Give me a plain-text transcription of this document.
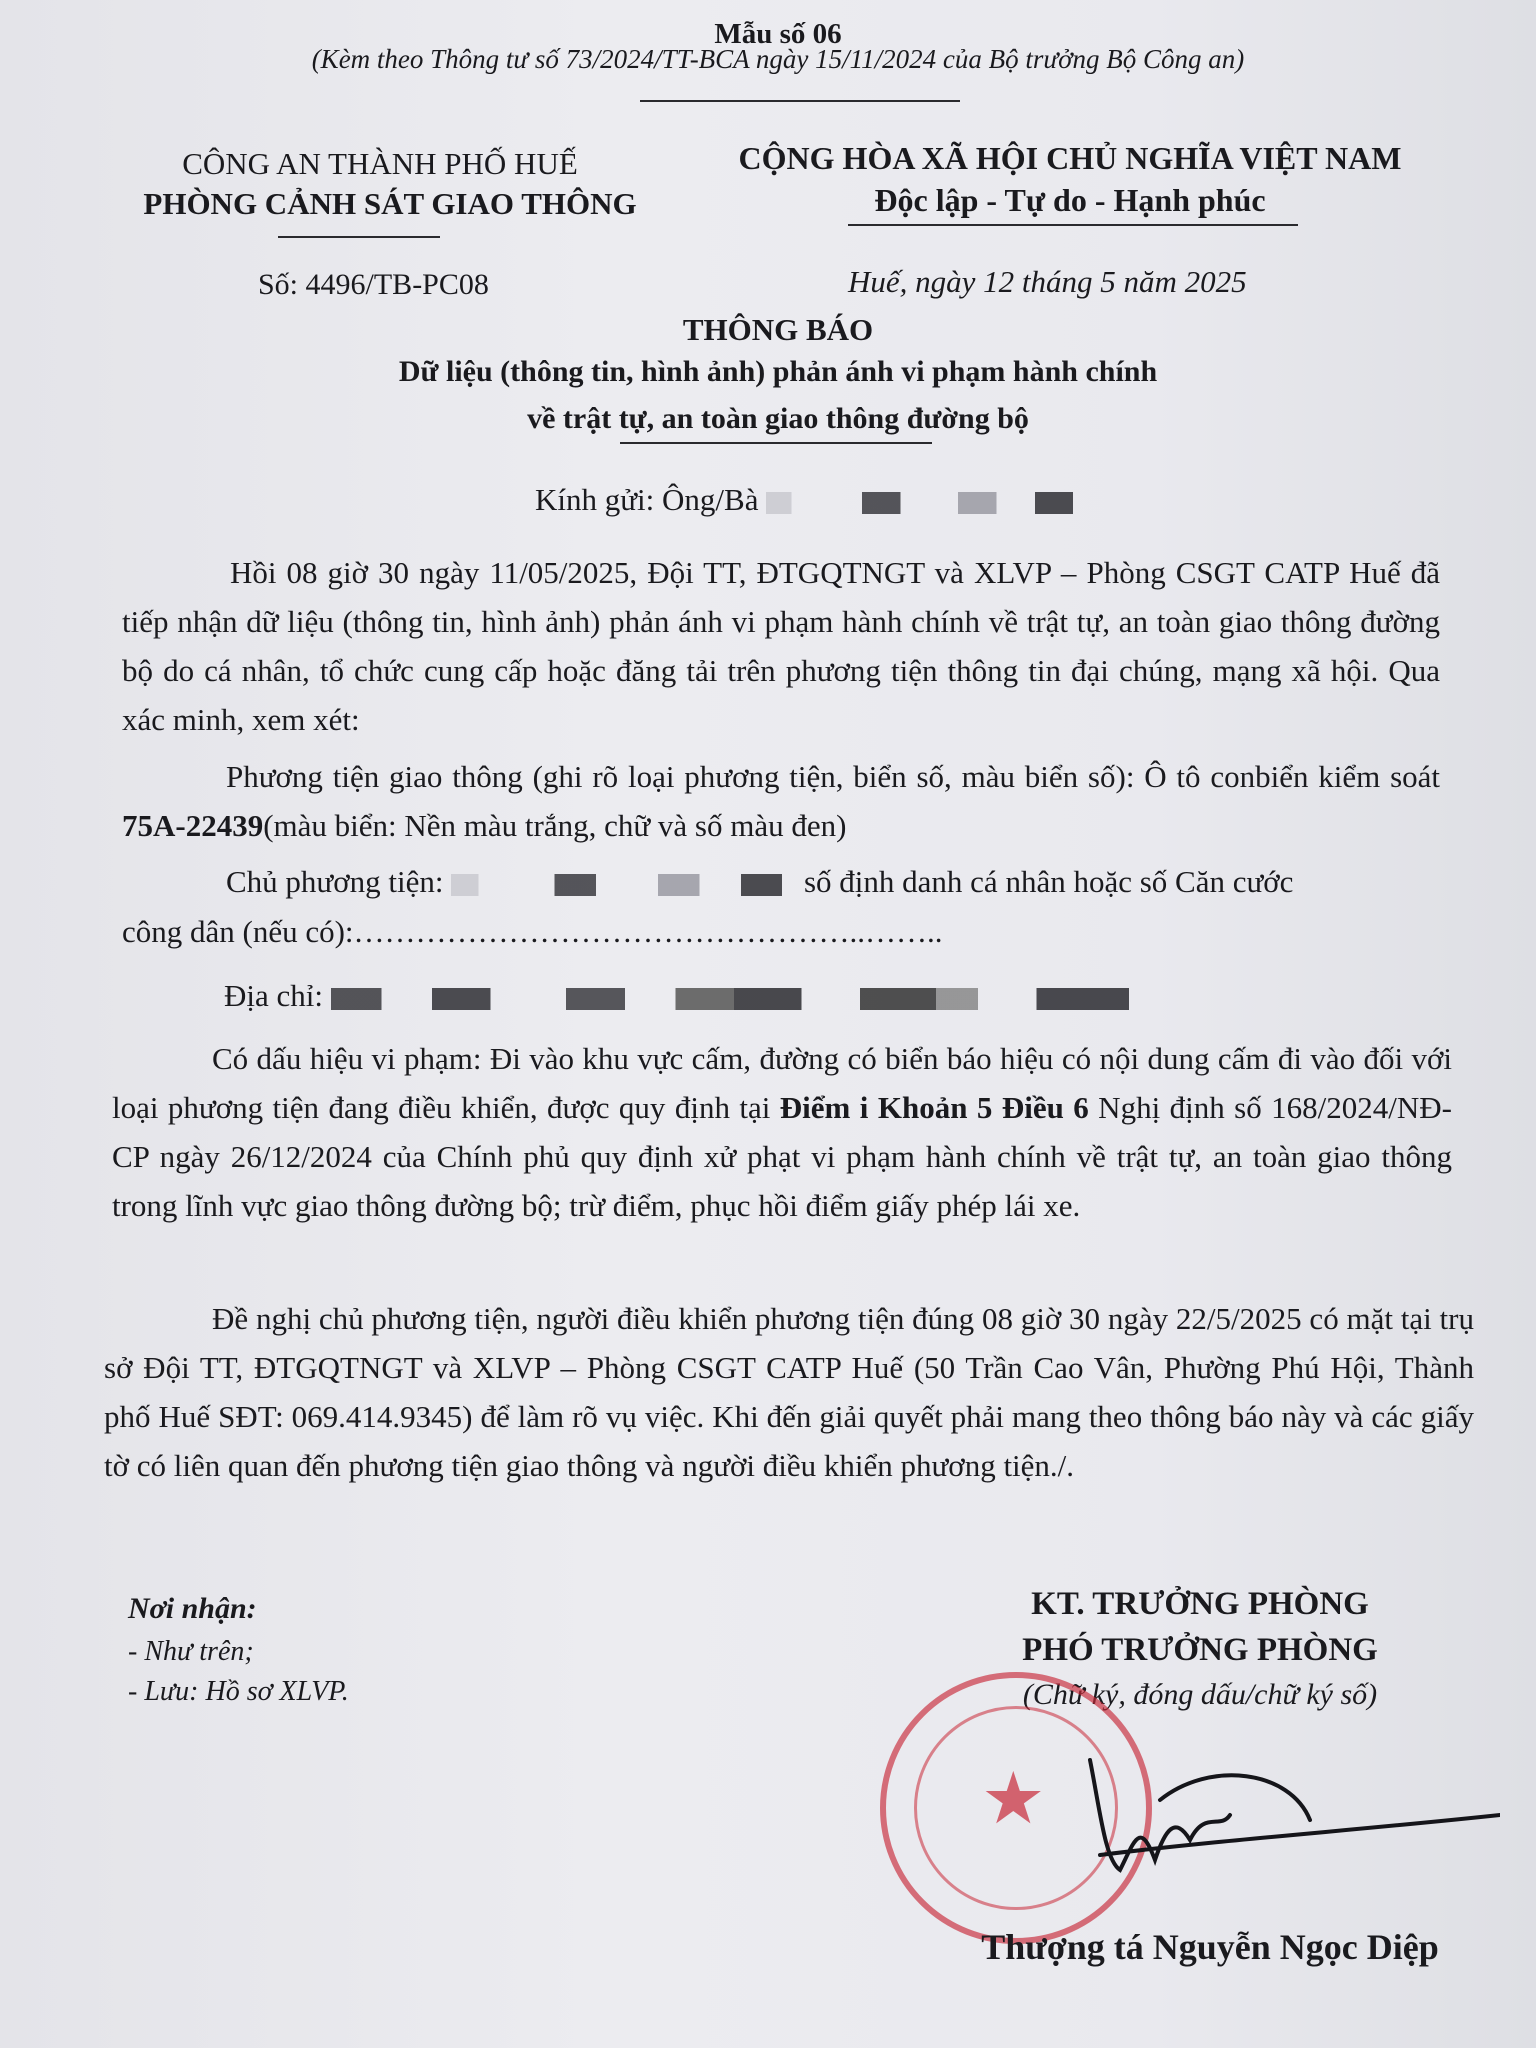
Mẫu số 06
(Kèm theo Thông tư số 73/2024/TT-BCA ngày 15/11/2024 của Bộ trưởng Bộ Công an)
CÔNG AN THÀNH PHỐ HUẾ
PHÒNG CẢNH SÁT GIAO THÔNG
CỘNG HÒA XÃ HỘI CHỦ NGHĨA VIỆT NAM
Độc lập - Tự do - Hạnh phúc
Số: 4496/TB-PC08	Huế, ngày 12 tháng 5 năm 2025
THÔNG BÁO
Dữ liệu (thông tin, hình ảnh) phản ánh vi phạm hành chính
về trật tự, an toàn giao thông đường bộ
Kính gửi: Ông/Bà

Hồi 08 giờ 30 ngày 11/05/2025, Đội TT, ĐTGQTNGT và XLVP – Phòng CSGT CATP Huế đã tiếp nhận dữ liệu (thông tin, hình ảnh) phản ánh vi phạm hành chính về trật tự, an toàn giao thông đường bộ do cá nhân, tổ chức cung cấp hoặc đăng tải trên phương tiện thông tin đại chúng, mạng xã hội. Qua xác minh, xem xét:

Phương tiện giao thông (ghi rõ loại phương tiện, biển số, màu biển số): Ô tô conbiển kiểm soát 75A-22439(màu biển: Nền màu trắng, chữ và số màu đen)

Chủ phương tiện:	số định danh cá nhân hoặc số Căn cước
công dân (nếu có):…………………………………………..……..
Địa chỉ:

Có dấu hiệu vi phạm: Đi vào khu vực cấm, đường có biển báo hiệu có nội dung cấm đi vào đối với loại phương tiện đang điều khiển, được quy định tại Điểm i Khoản 5 Điều 6 Nghị định số 168/2024/NĐ-CP ngày 26/12/2024 của Chính phủ quy định xử phạt vi phạm hành chính về trật tự, an toàn giao thông trong lĩnh vực giao thông đường bộ; trừ điểm, phục hồi điểm giấy phép lái xe.

Đề nghị chủ phương tiện, người điều khiển phương tiện đúng 08 giờ 30 ngày 22/5/2025 có mặt tại trụ sở Đội TT, ĐTGQTNGT và XLVP – Phòng CSGT CATP Huế (50 Trần Cao Vân, Phường Phú Hội, Thành phố Huế SĐT: 069.414.9345) để làm rõ vụ việc. Khi đến giải quyết phải mang theo thông báo này và các giấy tờ có liên quan đến phương tiện giao thông và người điều khiển phương tiện./.

Nơi nhận:
- Như trên;
- Lưu: Hồ sơ XLVP.
KT. TRƯỞNG PHÒNG
PHÓ TRƯỞNG PHÒNG
(Chữ ký, đóng dấu/chữ ký số)
★
Thượng tá Nguyễn Ngọc Diệp
